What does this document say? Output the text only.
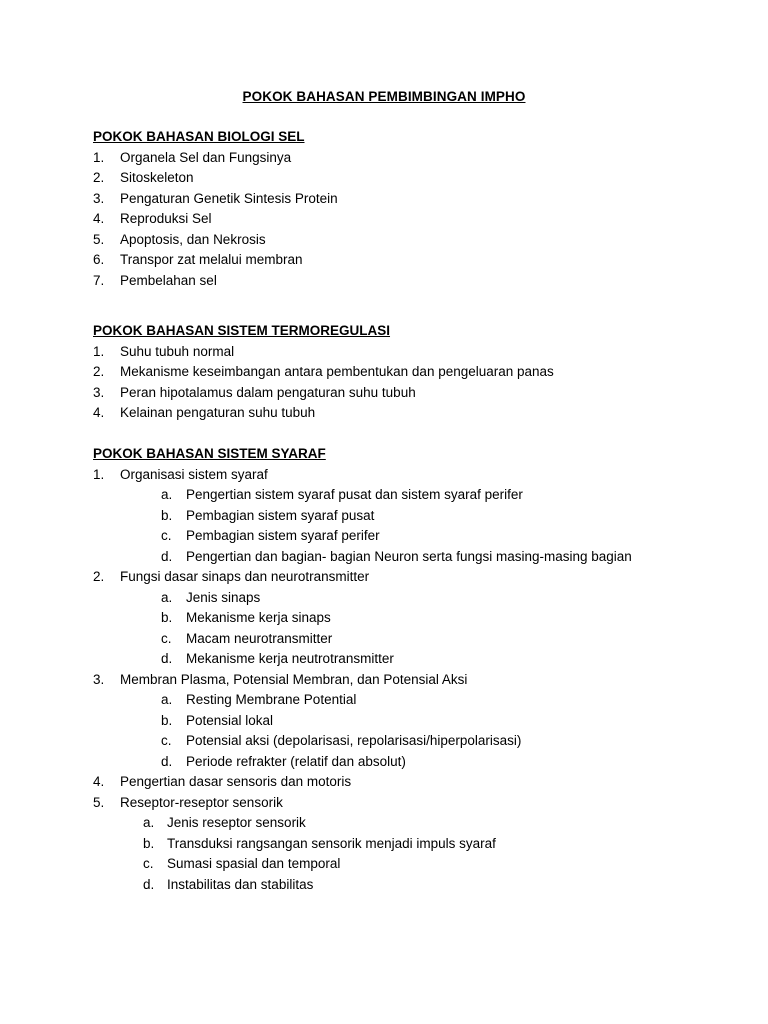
POKOK BAHASAN PEMBIMBINGAN IMPHO
POKOK BAHASAN BIOLOGI SEL
1. Organela Sel dan Fungsinya
2. Sitoskeleton
3. Pengaturan Genetik Sintesis Protein
4. Reproduksi Sel
5. Apoptosis, dan Nekrosis
6. Transpor zat melalui membran
7. Pembelahan sel
POKOK BAHASAN SISTEM TERMOREGULASI
1. Suhu tubuh normal
2. Mekanisme keseimbangan antara pembentukan dan pengeluaran panas
3. Peran hipotalamus dalam pengaturan suhu tubuh
4. Kelainan pengaturan suhu tubuh
POKOK BAHASAN SISTEM SYARAF
1. Organisasi sistem syaraf
a. Pengertian sistem syaraf pusat dan sistem syaraf perifer
b. Pembagian sistem syaraf pusat
c. Pembagian sistem syaraf perifer
d. Pengertian dan bagian- bagian Neuron serta fungsi masing-masing bagian
2. Fungsi dasar sinaps dan neurotransmitter
a. Jenis sinaps
b. Mekanisme kerja sinaps
c. Macam neurotransmitter
d. Mekanisme kerja neutrotransmitter
3. Membran Plasma, Potensial Membran, dan Potensial Aksi
a. Resting Membrane Potential
b. Potensial lokal
c. Potensial aksi (depolarisasi, repolarisasi/hiperpolarisasi)
d. Periode refrakter (relatif dan absolut)
4. Pengertian dasar sensoris dan motoris
5. Reseptor-reseptor sensorik
a. Jenis reseptor sensorik
b. Transduksi rangsangan sensorik menjadi impuls syaraf
c. Sumasi spasial dan temporal
d. Instabilitas dan stabilitas
